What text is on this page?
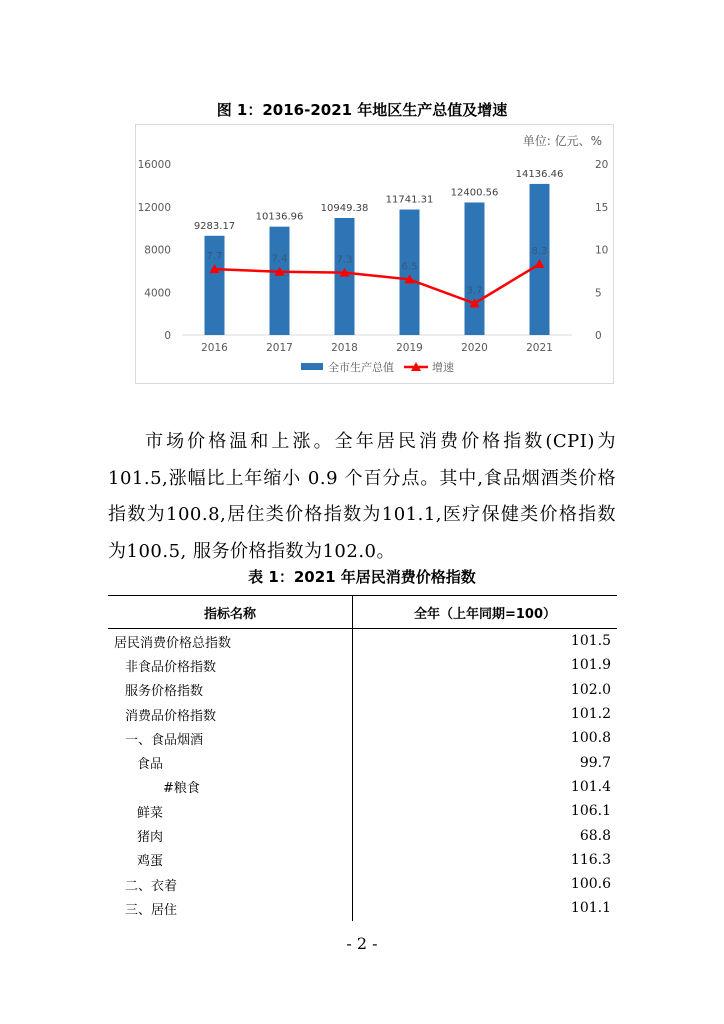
图 1：2016-2021 年地区生产总值及增速
单位: 亿元、%
0
4000
8000
12000
16000
0
5
10
15
20
9283.17
2016
10136.96
2017
10949.38
2018
11741.31
2019
12400.56
2020
14136.46
2021
7.7	7.4	7.3
6.5
3.7
8.3
全市生产总值	增速

市场价格温和上涨。全年居民消费价格指数(CPI)为101.5,涨幅比上年缩小 0.9 个百分点。其中,食品烟酒类价格指数为100.8,居住类价格指数为101.1,医疗保健类价格指数为100.5, 服务价格指数为102.0。

表 1：2021 年居民消费价格指数
指标名称	全年（上年同期=100）
居民消费价格总指数	101.5
非食品价格指数	101.9
服务价格指数	102.0
消费品价格指数	101.2
一、食品烟酒	100.8
食品	99.7
#粮食	101.4
鲜菜	106.1
猪肉	68.8
鸡蛋	116.3
二、衣着	100.6
三、居住	101.1
- 2 -
